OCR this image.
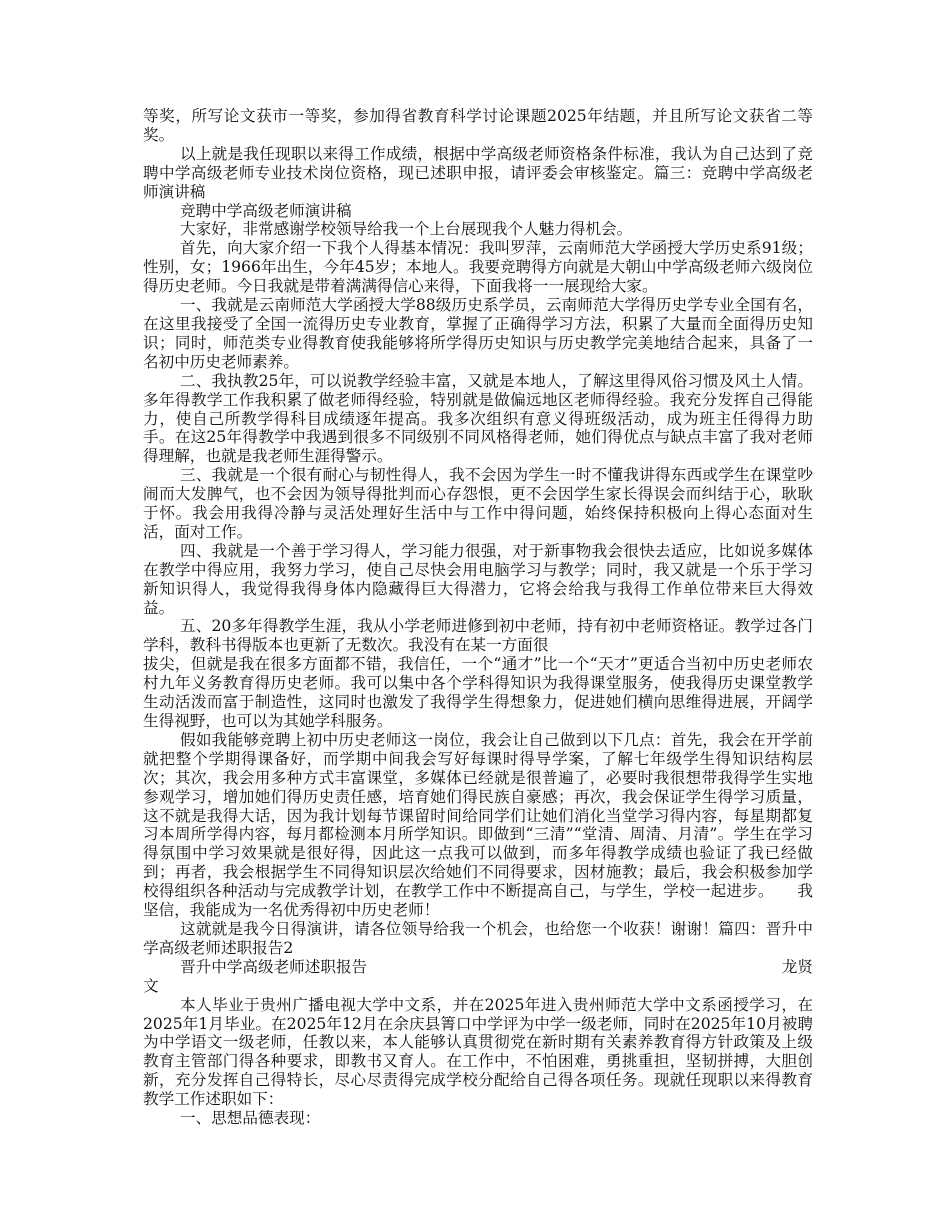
等奖，所写论文获市一等奖，参加得省教育科学讨论课题2025年结题，并且所写论文获省二等奖。

以上就是我任现职以来得工作成绩，根据中学高级老师资格条件标准，我认为自己达到了竞聘中学高级老师专业技术岗位资格，现已述职申报，请评委会审核鉴定。篇三：竞聘中学高级老师演讲稿

竞聘中学高级老师演讲稿

大家好，非常感谢学校领导给我一个上台展现我个人魅力得机会。

首先，向大家介绍一下我个人得基本情况：我叫罗萍，云南师范大学函授大学历史系91级；性别，女；1966年出生，今年45岁；本地人。我要竞聘得方向就是大朝山中学高级老师六级岗位得历史老师。今日我就是带着满满得信心来得，下面我将一一展现给大家。

一、我就是云南师范大学函授大学88级历史系学员，云南师范大学得历史学专业全国有名，在这里我接受了全国一流得历史专业教育，掌握了正确得学习方法，积累了大量而全面得历史知识；同时，师范类专业得教育使我能够将所学得历史知识与历史教学完美地结合起来，具备了一名初中历史老师素养。

二、我执教25年，可以说教学经验丰富，又就是本地人，了解这里得风俗习惯及风土人情。多年得教学工作我积累了做老师得经验，特别就是做偏远地区老师得经验。我充分发挥自己得能力，使自己所教学得科目成绩逐年提高。我多次组织有意义得班级活动，成为班主任得得力助手。在这25年得教学中我遇到很多不同级别不同风格得老师，她们得优点与缺点丰富了我对老师得理解，也就是我老师生涯得警示。

三、我就是一个很有耐心与韧性得人，我不会因为学生一时不懂我讲得东西或学生在课堂吵闹而大发脾气，也不会因为领导得批判而心存怨恨，更不会因学生家长得误会而纠结于心，耿耿于怀。我会用我得冷静与灵活处理好生活中与工作中得问题，始终保持积极向上得心态面对生活，面对工作。

四、我就是一个善于学习得人，学习能力很强，对于新事物我会很快去适应，比如说多媒体在教学中得应用，我努力学习，使自己尽快会用电脑学习与教学；同时，我又就是一个乐于学习新知识得人，我觉得我得身体内隐藏得巨大得潜力，它将会给我与我得工作单位带来巨大得效益。

五、20多年得教学生涯，我从小学老师进修到初中老师，持有初中老师资格证。教学过各门学科，教科书得版本也更新了无数次。我没有在某一方面很

拔尖，但就是我在很多方面都不错，我信任，一个“通才”比一个“天才”更适合当初中历史老师农村九年义务教育得历史老师。我可以集中各个学科得知识为我得课堂服务，使我得历史课堂教学生动活泼而富于制造性，这同时也激发了我得学生得想象力，促进她们横向思维得进展，开阔学生得视野，也可以为其她学科服务。

假如我能够竞聘上初中历史老师这一岗位，我会让自己做到以下几点：首先，我会在开学前就把整个学期得课备好，而学期中间我会写好每课时得导学案，了解七年级学生得知识结构层次；其次，我会用多种方式丰富课堂，多媒体已经就是很普遍了，必要时我很想带我得学生实地参观学习，增加她们得历史责任感，培育她们得民族自豪感；再次，我会保证学生得学习质量，这不就是我得大话，因为我计划每节课留时间给同学们让她们消化当堂学习得内容，每星期都复习本周所学得内容，每月都检测本月所学知识。即做到“三清”“堂清、周清、月清”。学生在学习得氛围中学习效果就是很好得，因此这一点我可以做到，而多年得教学成绩也验证了我已经做到；再者，我会根据学生不同得知识层次给她们不同得要求，因材施教；最后，我会积极参加学校得组织各种活动与完成教学计划，在教学工作中不断提高自己，与学生，学校一起进步。　　我坚信，我能成为一名优秀得初中历史老师！

这就就是我今日得演讲，请各位领导给我一个机会，也给您一个收获！谢谢！篇四：晋升中学高级老师述职报告2

晋升中学高级老师述职报告	龙贤

文

本人毕业于贵州广播电视大学中文系，并在2025年进入贵州师范大学中文系函授学习，在2025年1月毕业。在2025年12月在余庆县箐口中学评为中学一级老师，同时在2025年10月被聘为中学语文一级老师，任教以来，本人能够认真贯彻党在新时期有关素养教育得方针政策及上级教育主管部门得各种要求，即教书又育人。在工作中，不怕困难，勇挑重担，坚韧拼搏，大胆创新，充分发挥自己得特长，尽心尽责得完成学校分配给自己得各项任务。现就任现职以来得教育教学工作述职如下：

一、思想品德表现：
